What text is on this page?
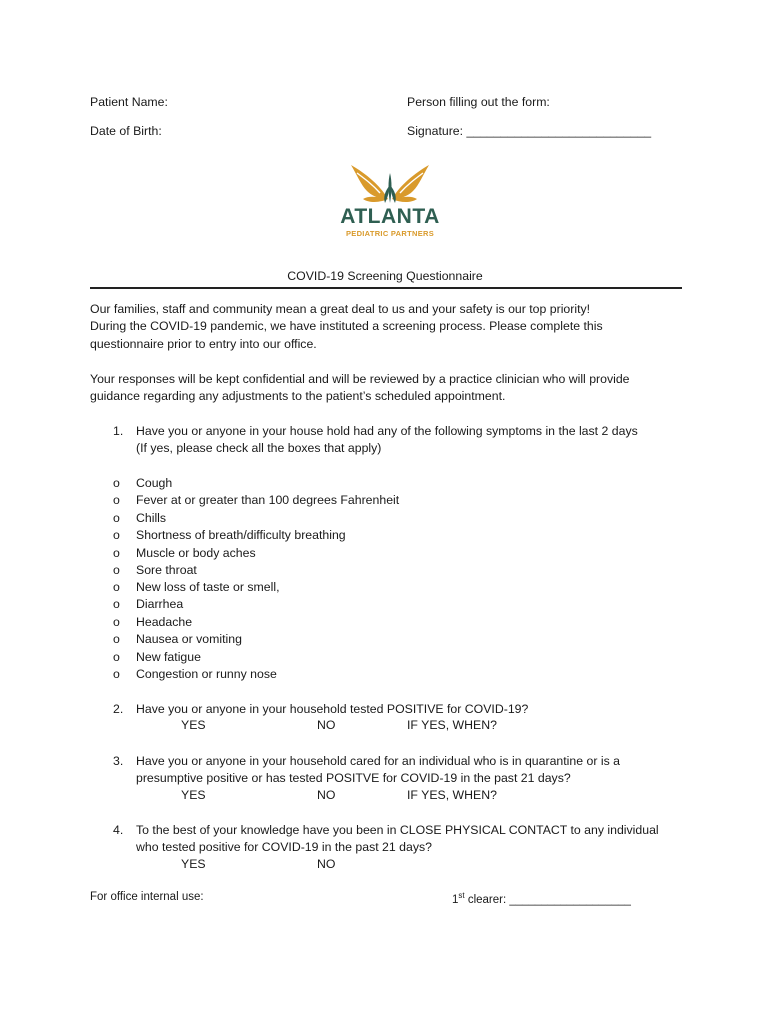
Patient Name:	Person filling out the form:
Date of Birth:	Signature: ___________________________
ATLANTA
PEDIATRIC PARTNERS
COVID-19 Screening Questionnaire
Our families, staff and community mean a great deal to us and your safety is our top priority!
During the COVID-19 pandemic, we have instituted a screening process. Please complete this
questionnaire prior to entry into our office.
Your responses will be kept confidential and will be reviewed by a practice clinician who will provide
guidance regarding any adjustments to the patient’s scheduled appointment.
1. Have you or anyone in your house hold had any of the following symptoms in the last 2 days
(If yes, please check all the boxes that apply)
o Cough
o Fever at or greater than 100 degrees Fahrenheit
o Chills
o Shortness of breath/difficulty breathing
o Muscle or body aches
o Sore throat
o New loss of taste or smell,
o Diarrhea
o Headache
o Nausea or vomiting
o New fatigue
o Congestion or runny nose
2. Have you or anyone in your household tested POSITIVE for COVID-19?
YES	NO	IF YES, WHEN?
3. Have you or anyone in your household cared for an individual who is in quarantine or is a
presumptive positive or has tested POSITVE for COVID-19 in the past 21 days?
YES	NO	IF YES, WHEN?
4. To the best of your knowledge have you been in CLOSE PHYSICAL CONTACT to any individual
who tested positive for COVID-19 in the past 21 days?
YES	NO
For office internal use:	1st clearer: ___________________
